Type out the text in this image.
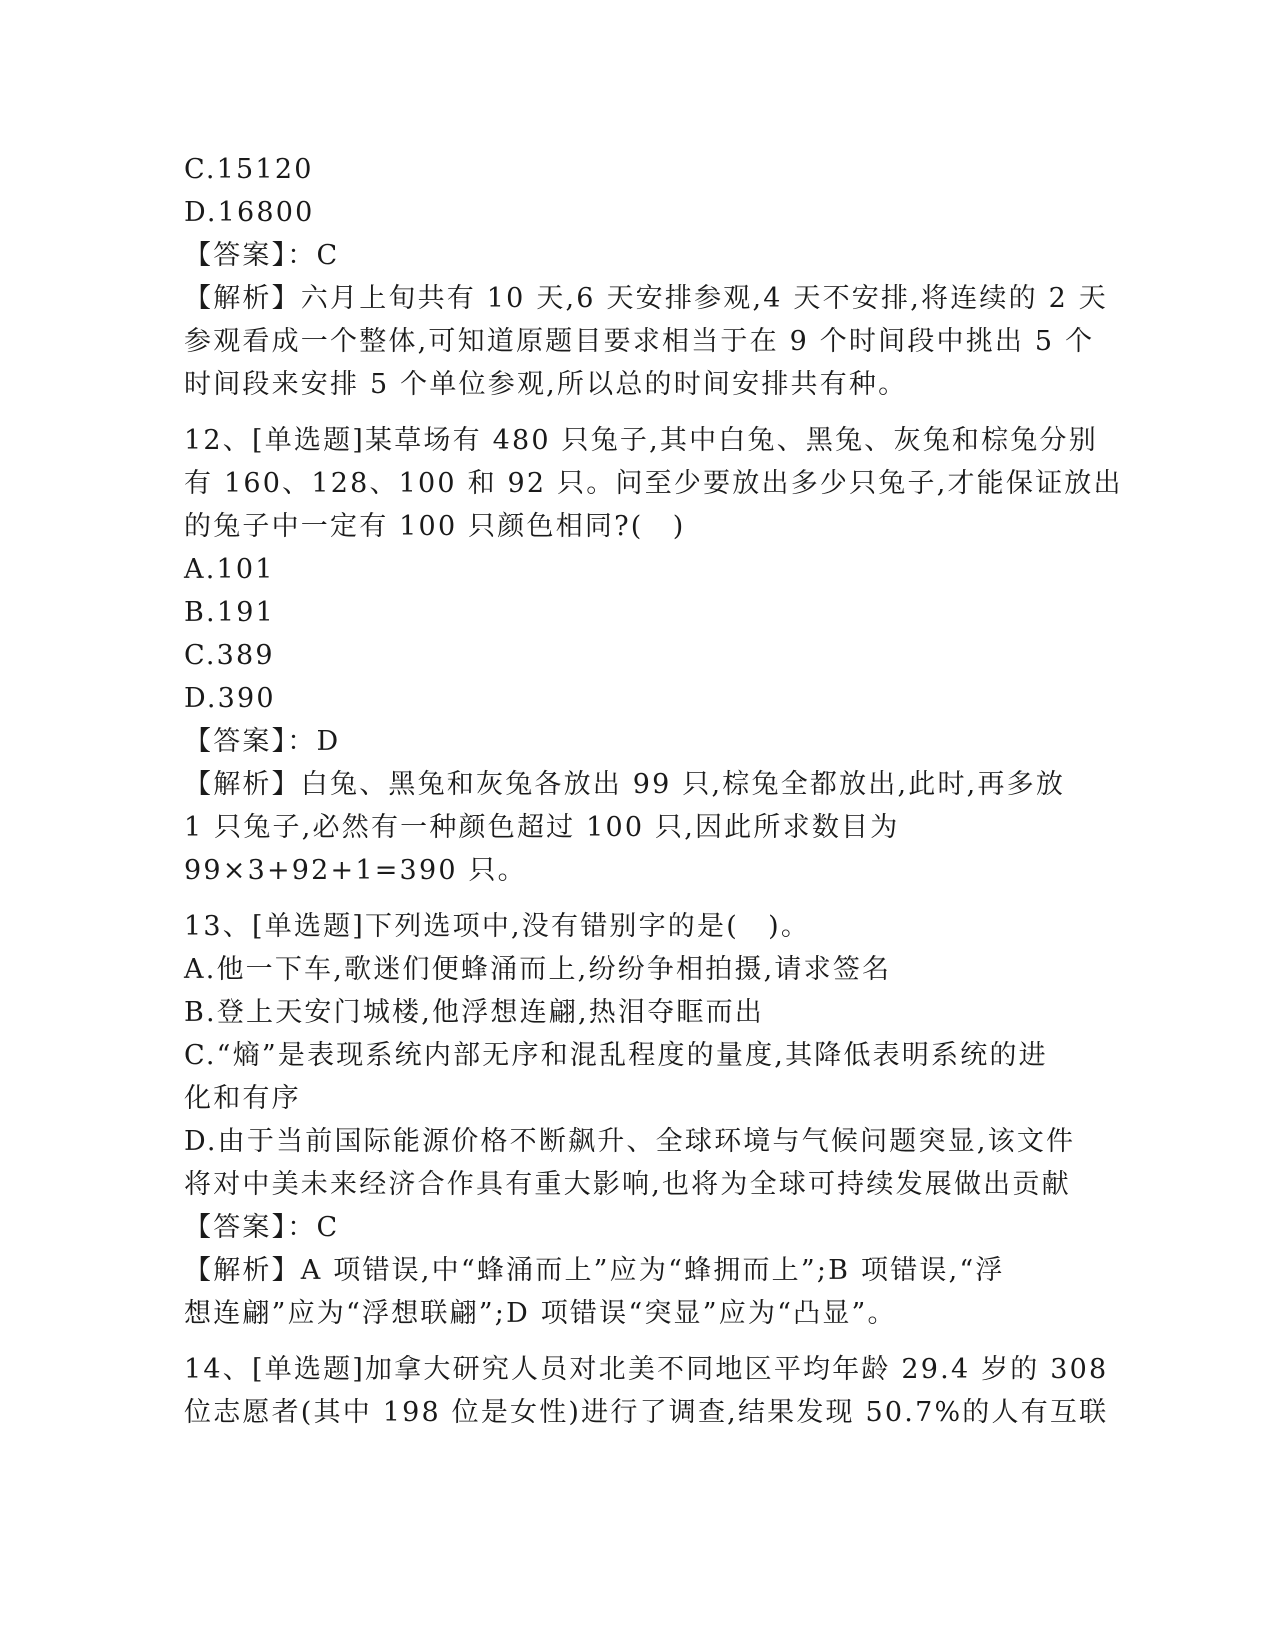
C.15120
D.16800
【答案】：C
【解析】六月上旬共有 10 天,6 天安排参观,4 天不安排,将连续的 2 天
参观看成一个整体,可知道原题目要求相当于在 9 个时间段中挑出 5 个
时间段来安排 5 个单位参观,所以总的时间安排共有种。
12、[单选题]某草场有 480 只兔子,其中白兔、黑兔、灰兔和棕兔分别
有 160、128、100 和 92 只。问至少要放出多少只兔子,才能保证放出
的兔子中一定有 100 只颜色相同?(　)
A.101
B.191
C.389
D.390
【答案】：D
【解析】白兔、黑兔和灰兔各放出 99 只,棕兔全都放出,此时,再多放
1 只兔子,必然有一种颜色超过 100 只,因此所求数目为
99×3+92+1=390 只。
13、[单选题]下列选项中,没有错别字的是(　)。
A.他一下车,歌迷们便蜂涌而上,纷纷争相拍摄,请求签名
B.登上天安门城楼,他浮想连翩,热泪夺眶而出
C.“熵”是表现系统内部无序和混乱程度的量度,其降低表明系统的进
化和有序
D.由于当前国际能源价格不断飙升、全球环境与气候问题突显,该文件
将对中美未来经济合作具有重大影响,也将为全球可持续发展做出贡献
【答案】：C
【解析】A 项错误,中“蜂涌而上”应为“蜂拥而上”;B 项错误,“浮
想连翩”应为“浮想联翩”;D 项错误“突显”应为“凸显”。
14、[单选题]加拿大研究人员对北美不同地区平均年龄 29.4 岁的 308
位志愿者(其中 198 位是女性)进行了调查,结果发现 50.7%的人有互联
